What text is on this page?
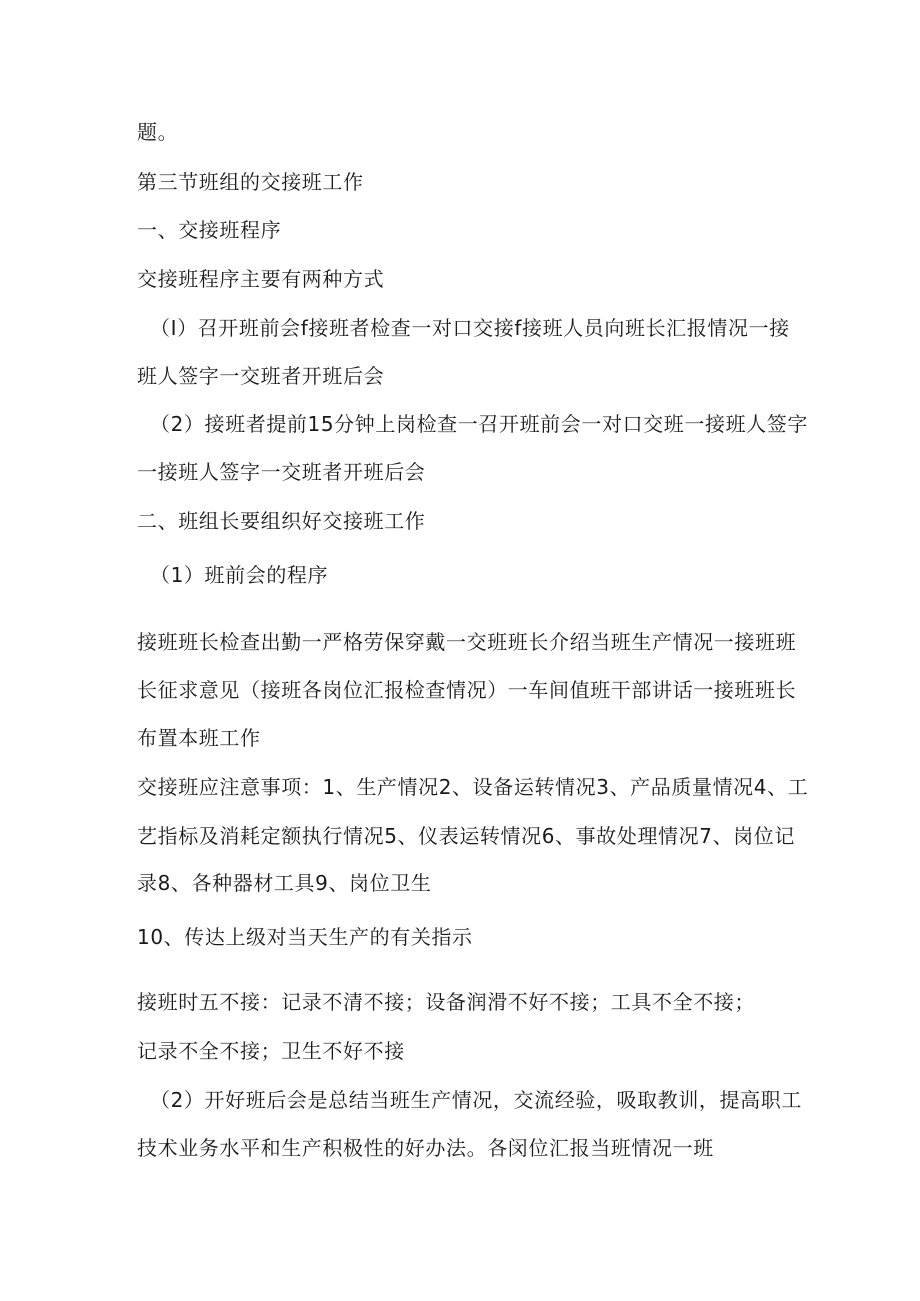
题。
第三节班组的交接班工作
一、交接班程序
交接班程序主要有两种方式
（I）召开班前会f接班者检查一对口交接f接班人员向班长汇报情况一接
班人签字一交班者开班后会
（2）接班者提前15分钟上岗检查一召开班前会一对口交班一接班人签字
一接班人签字一交班者开班后会
二、班组长要组织好交接班工作
（1）班前会的程序
接班班长检查出勤一严格劳保穿戴一交班班长介绍当班生产情况一接班班
长征求意见（接班各岗位汇报检查情况）一车间值班干部讲话一接班班长
布置本班工作
交接班应注意事项：1、生产情况2、设备运转情况3、产品质量情况4、工
艺指标及消耗定额执行情况5、仪表运转情况6、事故处理情况7、岗位记
录8、各种器材工具9、岗位卫生
10、传达上级对当天生产的有关指示
接班时五不接：记录不清不接；设备润滑不好不接；工具不全不接；
记录不全不接；卫生不好不接
（2）开好班后会是总结当班生产情况，交流经验，吸取教训，提高职工
技术业务水平和生产积极性的好办法。各闵位汇报当班情况一班
